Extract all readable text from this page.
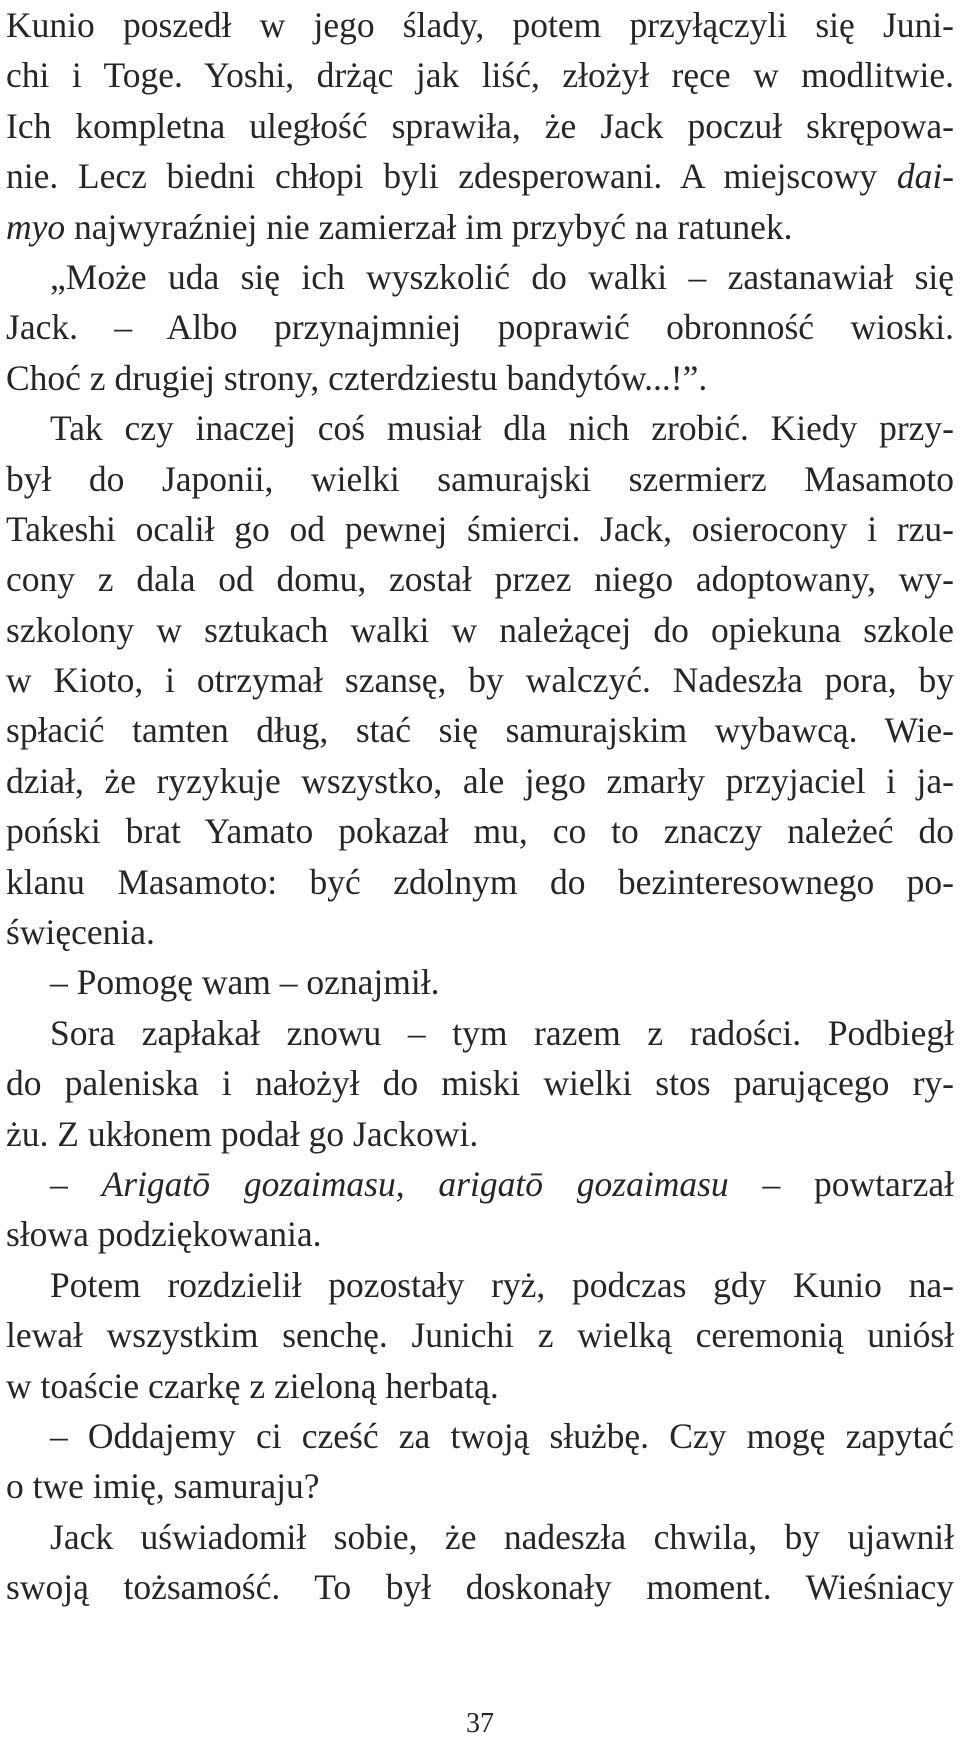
Kunio poszedł w jego ślady, potem przyłączyli się Juni-
chi i Toge. Yoshi, drżąc jak liść, złożył ręce w modlitwie.
Ich kompletna uległość sprawiła, że Jack poczuł skrępowa-
nie. Lecz biedni chłopi byli zdesperowani. A miejscowy dai-
myo najwyraźniej nie zamierzał im przybyć na ratunek.
„Może uda się ich wyszkolić do walki – zastanawiał się
Jack. – Albo przynajmniej poprawić obronność wioski.
Choć z drugiej strony, czterdziestu bandytów...!”.
Tak czy inaczej coś musiał dla nich zrobić. Kiedy przy-
był do Japonii, wielki samurajski szermierz Masamoto
Takeshi ocalił go od pewnej śmierci. Jack, osierocony i rzu-
cony z dala od domu, został przez niego adoptowany, wy-
szkolony w sztukach walki w należącej do opiekuna szkole
w Kioto, i otrzymał szansę, by walczyć. Nadeszła pora, by
spłacić tamten dług, stać się samurajskim wybawcą. Wie-
dział, że ryzykuje wszystko, ale jego zmarły przyjaciel i ja-
poński brat Yamato pokazał mu, co to znaczy należeć do
klanu Masamoto: być zdolnym do bezinteresownego po-
święcenia.
– Pomogę wam – oznajmił.
Sora zapłakał znowu – tym razem z radości. Podbiegł
do paleniska i nałożył do miski wielki stos parującego ry-
żu. Z ukłonem podał go Jackowi.
– Arigatō gozaimasu, arigatō gozaimasu – powtarzał
słowa podziękowania.
Potem rozdzielił pozostały ryż, podczas gdy Kunio na-
lewał wszystkim senchę. Junichi z wielką ceremonią uniósł
w toaście czarkę z zieloną herbatą.
– Oddajemy ci cześć za twoją służbę. Czy mogę zapytać
o twe imię, samuraju?
Jack uświadomił sobie, że nadeszła chwila, by ujawnił
swoją tożsamość. To był doskonały moment. Wieśniacy
37
